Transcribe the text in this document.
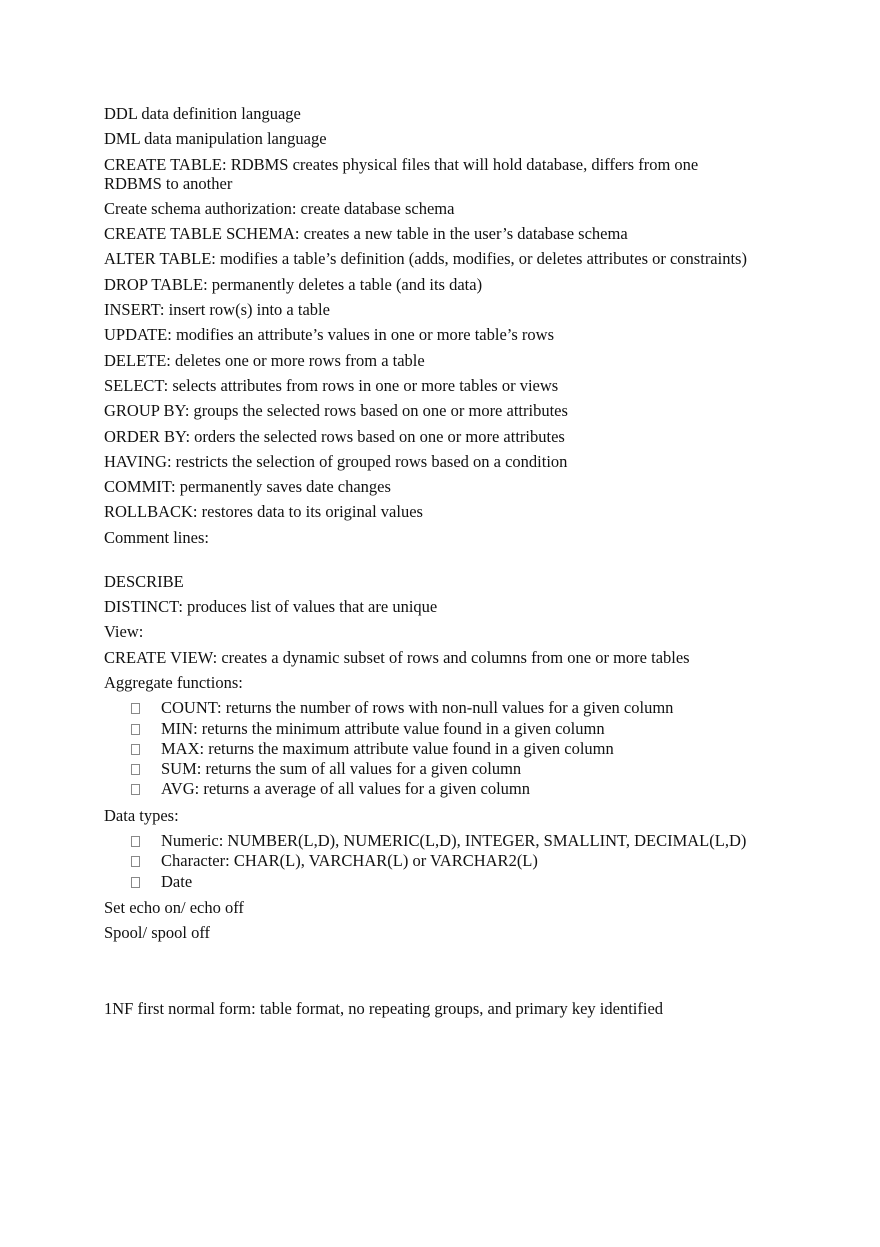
DDL data definition language
DML data manipulation language
CREATE TABLE: RDBMS creates physical files that will hold database, differs from one RDBMS to another
Create schema authorization: create database schema
CREATE TABLE SCHEMA: creates a new table in the user’s database schema
ALTER TABLE: modifies a table’s definition (adds, modifies, or deletes attributes or constraints)
DROP TABLE: permanently deletes a table (and its data)
INSERT: insert row(s) into a table
UPDATE: modifies an attribute’s values in one or more table’s rows
DELETE: deletes one or more rows from a table
SELECT: selects attributes from rows in one or more tables or views
GROUP BY: groups the selected rows based on one or more attributes
ORDER BY: orders the selected rows based on one or more attributes
HAVING: restricts the selection of grouped rows based on a condition
COMMIT: permanently saves date changes
ROLLBACK: restores data to its original values
Comment lines:
DESCRIBE
DISTINCT: produces list of values that are unique
View:
CREATE VIEW: creates a dynamic subset of rows and columns from one or more tables
Aggregate functions:
COUNT: returns the number of rows with non-null values for a given column
MIN: returns the minimum attribute value found in a given column
MAX: returns the maximum attribute value found in a given column
SUM: returns the sum of all values for a given column
AVG: returns a average of all values for a given column
Data types:
Numeric: NUMBER(L,D), NUMERIC(L,D), INTEGER, SMALLINT, DECIMAL(L,D)
Character: CHAR(L), VARCHAR(L) or VARCHAR2(L)
Date
Set echo on/ echo off
Spool/ spool off
1NF first normal form: table format, no repeating groups, and primary key identified
